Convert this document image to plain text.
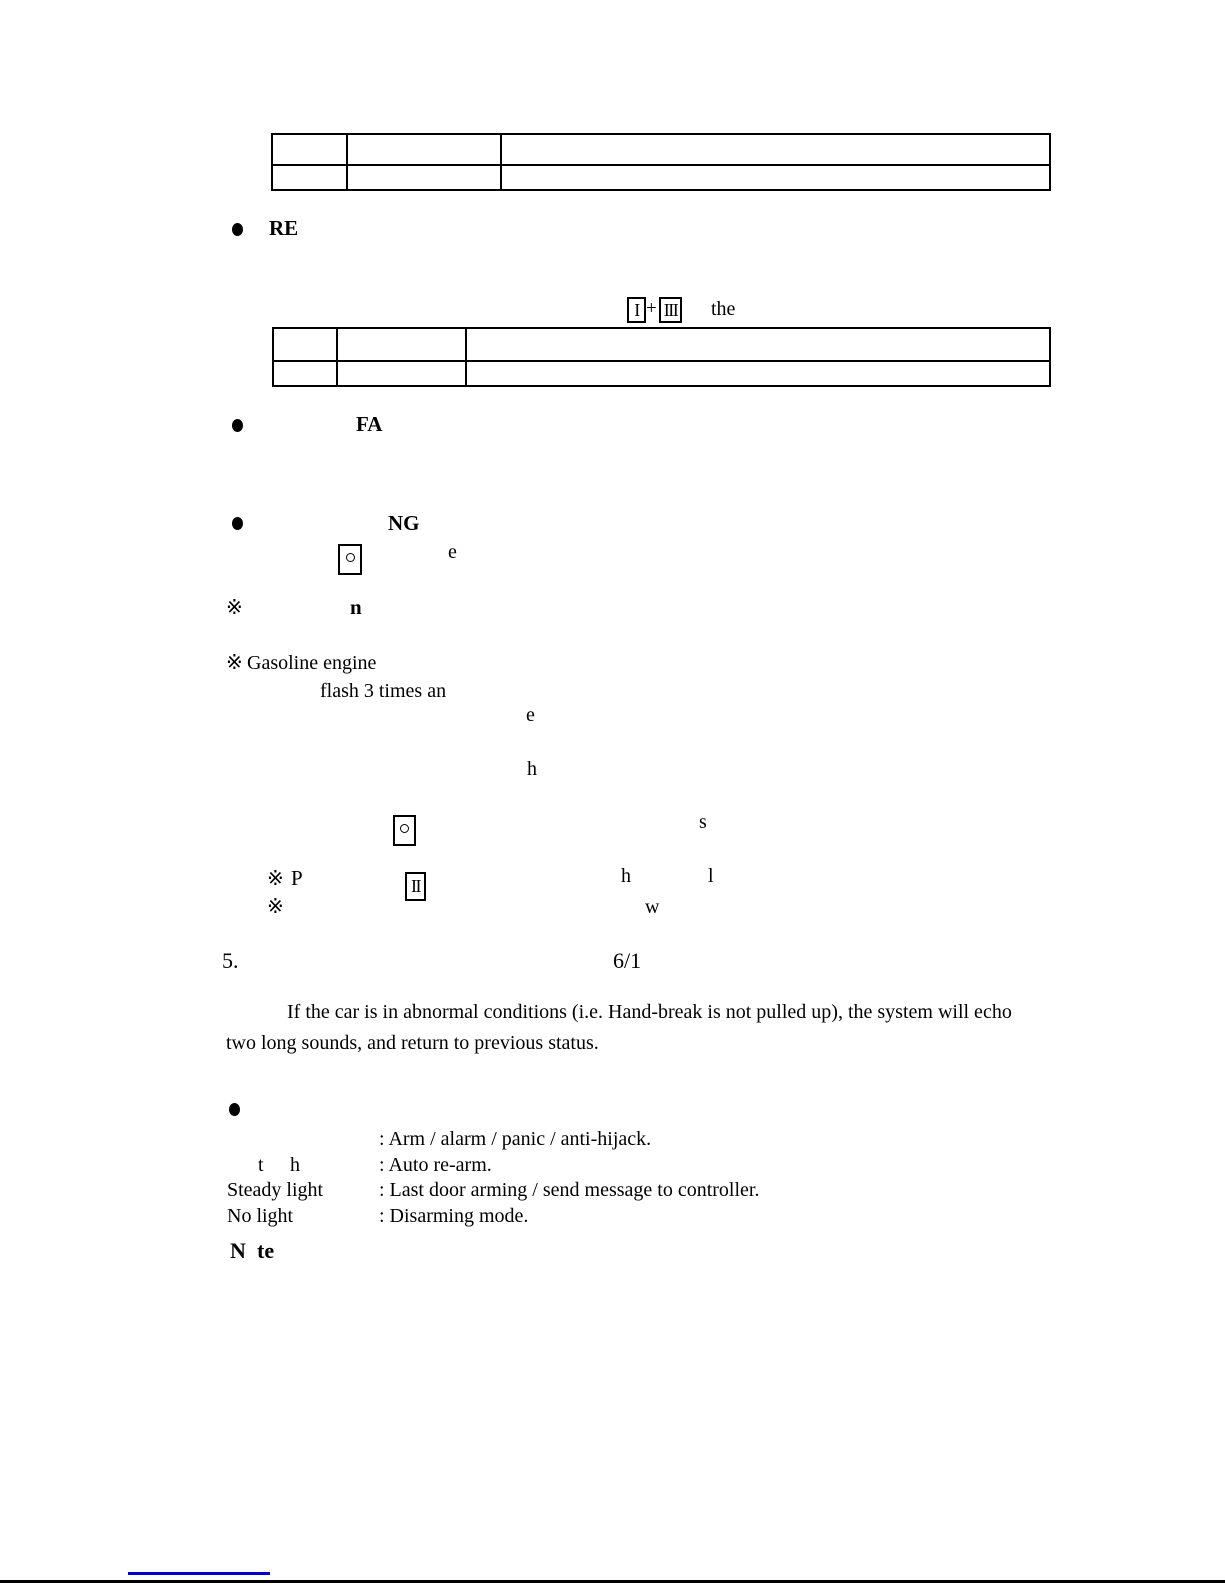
RE
I + III the

FA
NG
e
※	n
※ Gasoline engine
flash 3 times an
e
h
s
※ P	II	h	l
※	w
5.	6/1
If the car is in abnormal conditions (i.e. Hand-break is not pulled up), the system will echo
two long sounds, and return to previous status.
: Arm / alarm / panic / anti-hijack.
t h	: Auto re-arm.
Steady light	: Last door arming / send message to controller.
No light	: Disarming mode.
N te
